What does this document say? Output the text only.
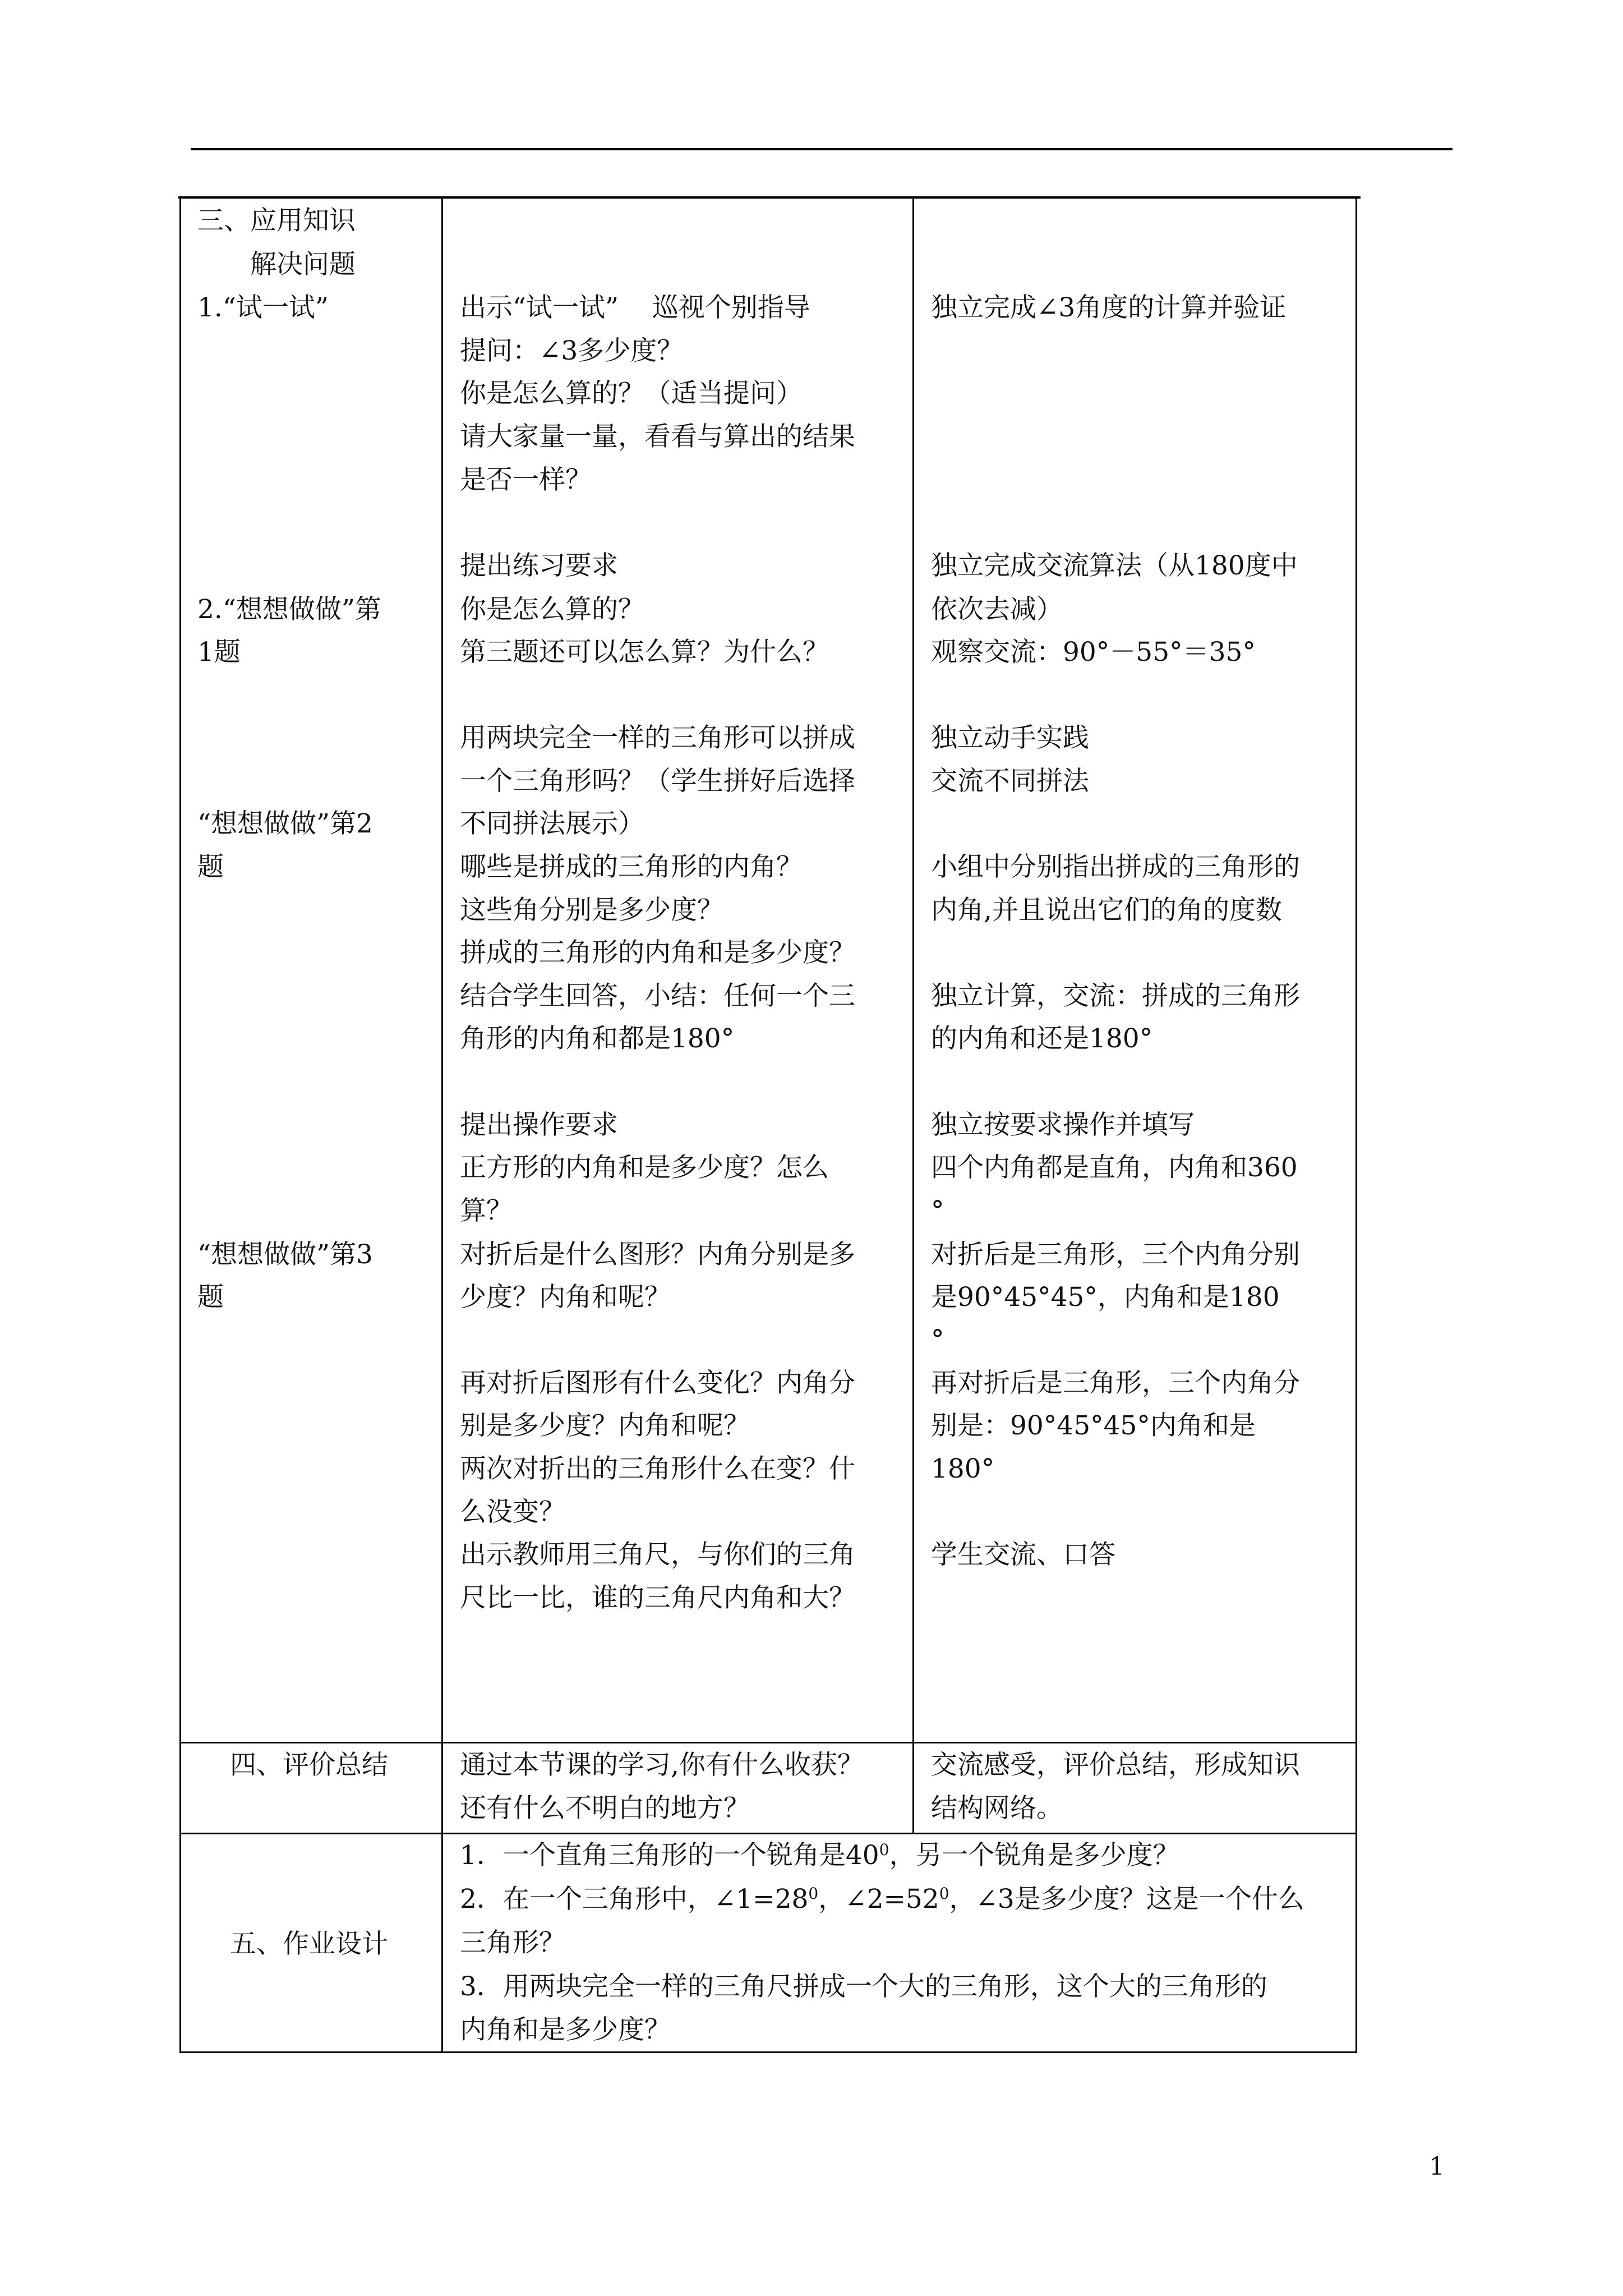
三、应用知识
解决问题
1.“试一试”
2.“想想做做”第
1题
“想想做做”第2
题
“想想做做”第3
题
出示“试一试”    巡视个别指导
提问：∠3多少度？
你是怎么算的？（适当提问）
请大家量一量，看看与算出的结果
是否一样？
提出练习要求
你是怎么算的？
第三题还可以怎么算？为什么？
用两块完全一样的三角形可以拼成
一个三角形吗？（学生拼好后选择
不同拼法展示）
哪些是拼成的三角形的内角？
这些角分别是多少度？
拼成的三角形的内角和是多少度？
结合学生回答，小结：任何一个三
角形的内角和都是180°
提出操作要求
正方形的内角和是多少度？怎么
算？
对折后是什么图形？内角分别是多
少度？内角和呢？
再对折后图形有什么变化？内角分
别是多少度？内角和呢？
两次对折出的三角形什么在变？什
么没变？
出示教师用三角尺，与你们的三角
尺比一比，谁的三角尺内角和大？
独立完成∠3角度的计算并验证
独立完成交流算法（从180度中
依次去减）
观察交流：90°－55°＝35°
独立动手实践
交流不同拼法
小组中分别指出拼成的三角形的
内角,并且说出它们的角的度数
独立计算，交流：拼成的三角形
的内角和还是180°
独立按要求操作并填写
四个内角都是直角，内角和360
°
对折后是三角形，三个内角分别
是90°45°45°，内角和是180
°
再对折后是三角形，三个内角分
别是：90°45°45°内角和是
180°
学生交流、口答
四、评价总结	通过本节课的学习,你有什么收获？
还有什么不明白的地方？
交流感受，评价总结，形成知识
结构网络。
五、作业设计
1．一个直角三角形的一个锐角是$40^0$，另一个锐角是多少度？
2．在一个三角形中，$\angle 1=28^0$，$\angle 2=52^0$，∠3是多少度？这是一个什么
三角形？
3．用两块完全一样的三角尺拼成一个大的三角形，这个大的三角形的
内角和是多少度？
1
